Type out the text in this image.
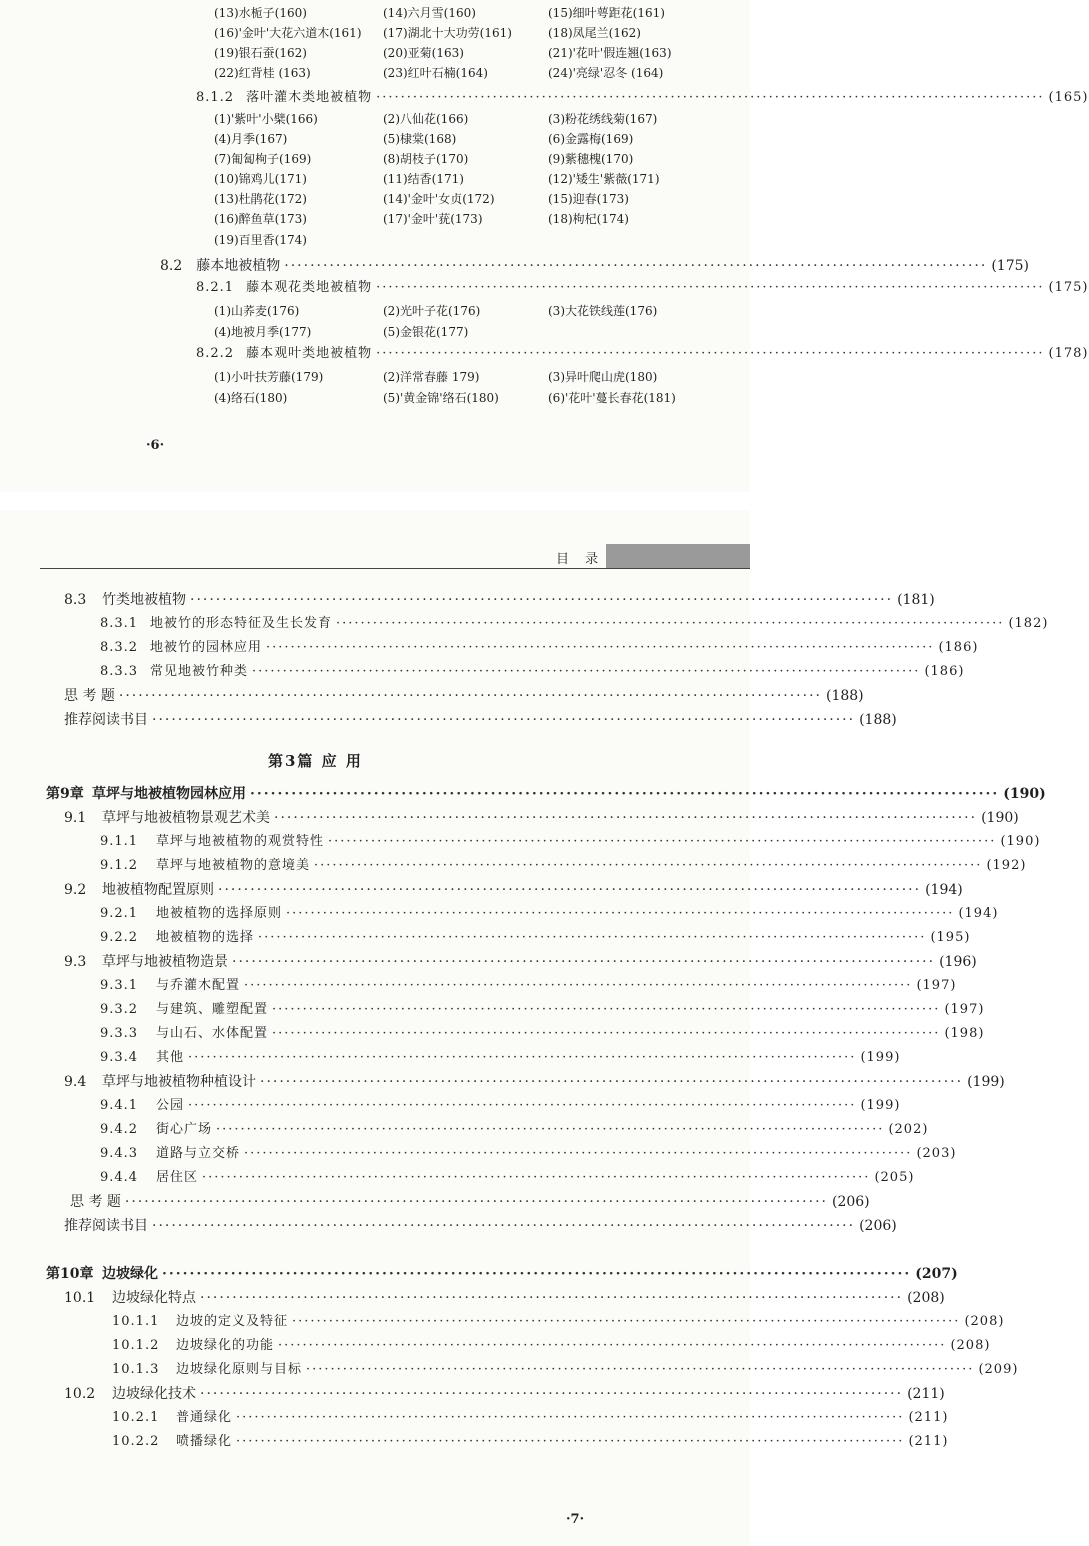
(13)水栀子(160)	(14)六月雪(160)	(15)细叶萼距花(161)
(16)'金叶'大花六道木(161) (17)湖北十大功劳(161)	(18)凤尾兰(162)
(19)银石蚕(162)	(20)亚菊(163)	(21)'花叶'假连翘(163)
(22)红背桂 (163)	(23)红叶石楠(164)	(24)'亮绿'忍冬 (164)
8.1.2 落叶灌木类地被植物 ············································································································· (165)
(1)'紫叶'小檗(166)	(2)八仙花(166)	(3)粉花绣线菊(167)
(4)月季(167)	(5)棣棠(168)	(6)金露梅(169)
(7)匍匐栒子(169)	(8)胡枝子(170)	(9)紫穗槐(170)
(10)锦鸡儿(171)	(11)结香(171)	(12)'矮生'紫薇(171)
(13)杜鹃花(172)	(14)'金叶'女贞(172)	(15)迎春(173)
(16)醉鱼草(173)	(17)'金叶'莸(173)	(18)枸杞(174)
(19)百里香(174)
8.2 藤本地被植物 ············································································································· (175)
8.2.1 藤本观花类地被植物 ············································································································· (175)
(1)山荞麦(176)	(2)光叶子花(176)	(3)大花铁线莲(176)
(4)地被月季(177)	(5)金银花(177)
8.2.2 藤本观叶类地被植物 ············································································································· (178)
(1)小叶扶芳藤(179)	(2)洋常春藤 179)	(3)异叶爬山虎(180)
(4)络石(180)	(5)'黄金锦'络石(180)	(6)'花叶'蔓长春花(181)
·6·
目 录
第3篇 应 用
8.3	竹类地被植物 ············································································································· (181)
8.3.1 地被竹的形态特征及生长发育 ············································································································· (182)
8.3.2 地被竹的园林应用 ············································································································· (186)
8.3.3 常见地被竹种类 ············································································································· (186)
思 考 题 ············································································································· (188)
推荐阅读书目 ············································································································· (188)
第9章 草坪与地被植物园林应用 ············································································································· (190)
9.1	草坪与地被植物景观艺术美 ············································································································· (190)
9.1.1	草坪与地被植物的观赏特性 ············································································································· (190)
9.1.2	草坪与地被植物的意境美 ············································································································· (192)
9.2	地被植物配置原则 ············································································································· (194)
9.2.1	地被植物的选择原则 ············································································································· (194)
9.2.2	地被植物的选择 ············································································································· (195)
9.3	草坪与地被植物造景 ············································································································· (196)
9.3.1	与乔灌木配置 ············································································································· (197)
9.3.2	与建筑、雕塑配置 ············································································································· (197)
9.3.3	与山石、水体配置 ············································································································· (198)
9.3.4	其他 ············································································································· (199)
9.4	草坪与地被植物种植设计 ············································································································· (199)
9.4.1	公园 ············································································································· (199)
9.4.2	街心广场 ············································································································· (202)
9.4.3	道路与立交桥 ············································································································· (203)
9.4.4	居住区 ············································································································· (205)
思 考 题 ············································································································· (206)
推荐阅读书目 ············································································································· (206)
第10章 边坡绿化 ············································································································· (207)
10.1	边坡绿化特点 ············································································································· (208)
10.1.1	边坡的定义及特征 ············································································································· (208)
10.1.2	边坡绿化的功能 ············································································································· (208)
10.1.3	边坡绿化原则与目标 ············································································································· (209)
10.2	边坡绿化技术 ············································································································· (211)
10.2.1	普通绿化 ············································································································· (211)
10.2.2	喷播绿化 ············································································································· (211)
·7·
